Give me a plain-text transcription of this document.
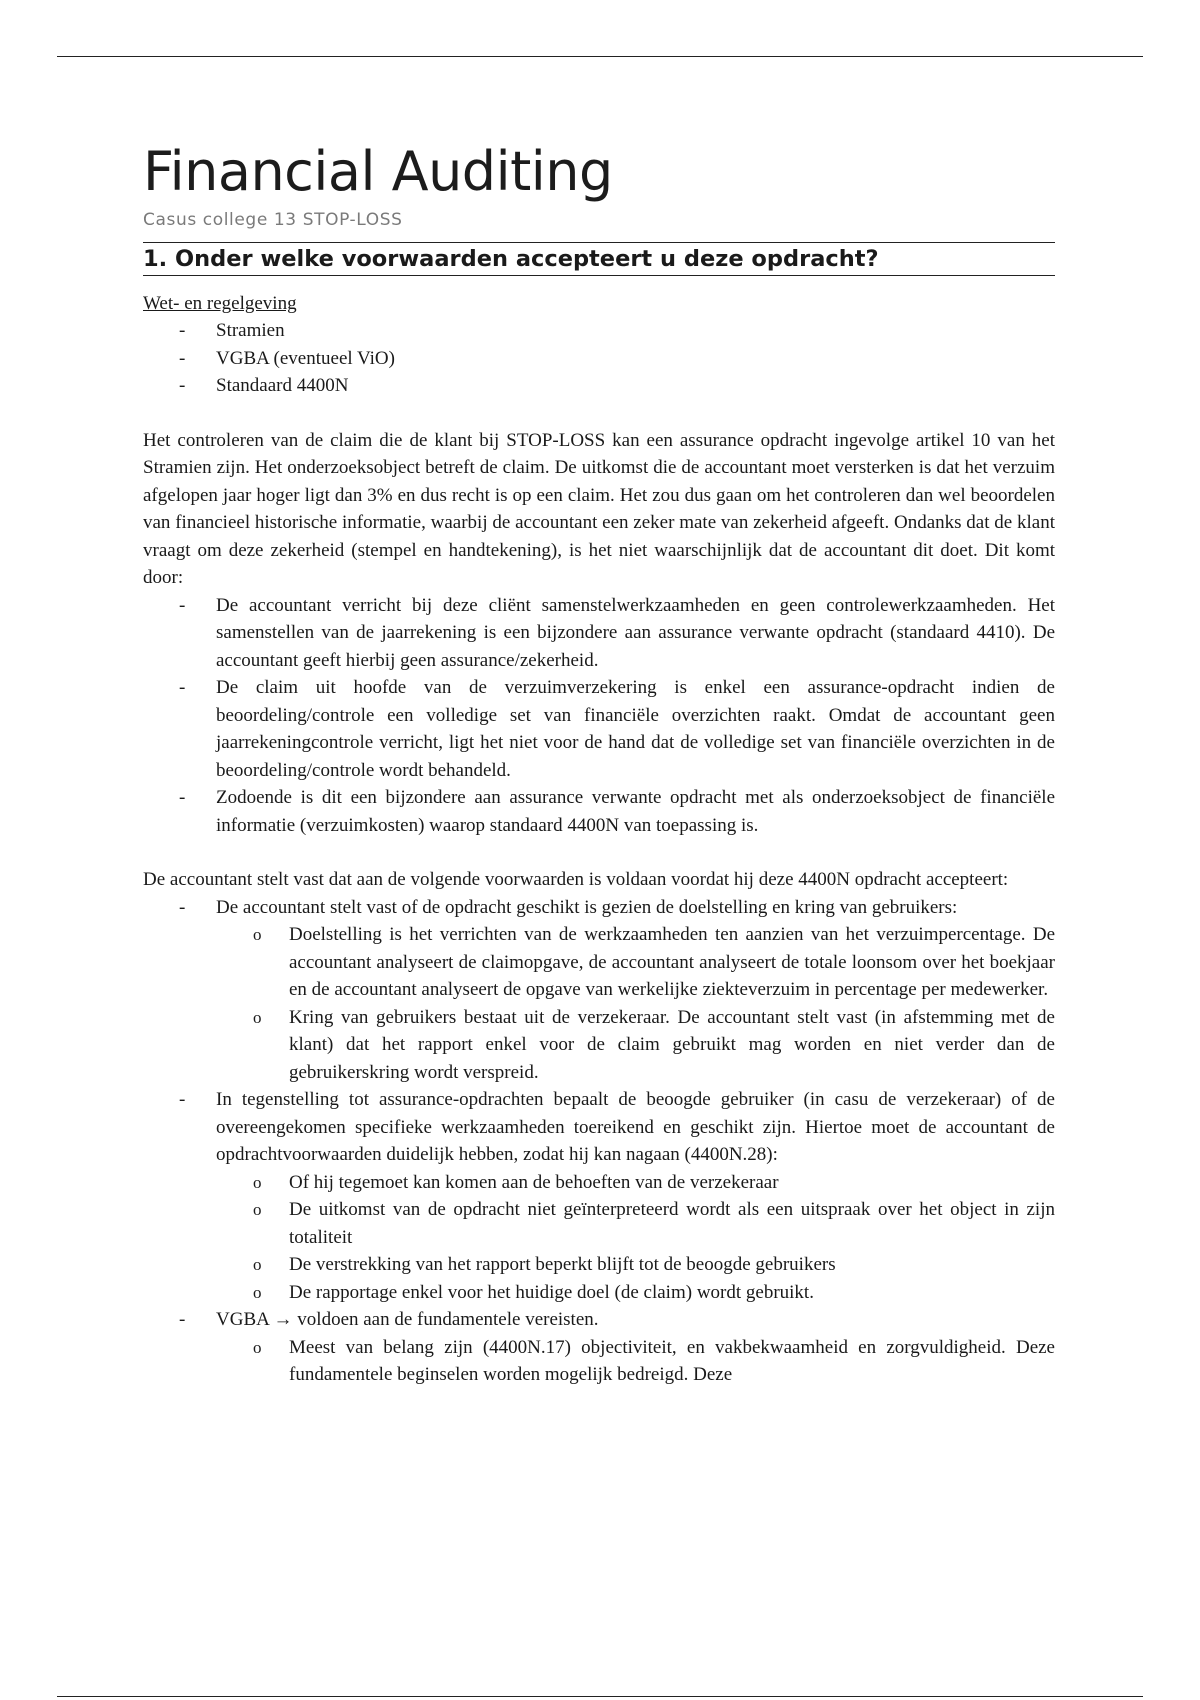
Financial Auditing
Casus college 13 STOP-LOSS
1. Onder welke voorwaarden accepteert u deze opdracht?
Wet- en regelgeving
- Stramien
- VGBA (eventueel ViO)
- Standaard 4400N

Het controleren van de claim die de klant bij STOP-LOSS kan een assurance opdracht ingevolge artikel 10 van het Stramien zijn. Het onderzoeksobject betreft de claim. De uitkomst die de accountant moet versterken is dat het verzuim afgelopen jaar hoger ligt dan 3% en dus recht is op een claim. Het zou dus gaan om het controleren dan wel beoordelen van financieel historische informatie, waarbij de accountant een zeker mate van zekerheid afgeeft. Ondanks dat de klant vraagt om deze zekerheid (stempel en handtekening), is het niet waarschijnlijk dat de accountant dit doet. Dit komt door:

- De accountant verricht bij deze cliënt samenstelwerkzaamheden en geen controlewerkzaamheden. Het samenstellen van de jaarrekening is een bijzondere aan assurance verwante opdracht (standaard 4410). De accountant geeft hierbij geen assurance/zekerheid.
- De claim uit hoofde van de verzuimverzekering is enkel een assurance-opdracht indien de beoordeling/controle een volledige set van financiële overzichten raakt. Omdat de accountant geen jaarrekeningcontrole verricht, ligt het niet voor de hand dat de volledige set van financiële overzichten in de beoordeling/controle wordt behandeld.
- Zodoende is dit een bijzondere aan assurance verwante opdracht met als onderzoeksobject de financiële informatie (verzuimkosten) waarop standaard 4400N van toepassing is.

De accountant stelt vast dat aan de volgende voorwaarden is voldaan voordat hij deze 4400N opdracht accepteert:

- De accountant stelt vast of de opdracht geschikt is gezien de doelstelling en kring van gebruikers:
o Doelstelling is het verrichten van de werkzaamheden ten aanzien van het verzuimpercentage. De accountant analyseert de claimopgave, de accountant analyseert de totale loonsom over het boekjaar en de accountant analyseert de opgave van werkelijke ziekteverzuim in percentage per medewerker.
o Kring van gebruikers bestaat uit de verzekeraar. De accountant stelt vast (in afstemming met de klant) dat het rapport enkel voor de claim gebruikt mag worden en niet verder dan de gebruikerskring wordt verspreid.
- In tegenstelling tot assurance-opdrachten bepaalt de beoogde gebruiker (in casu de verzekeraar) of de overeengekomen specifieke werkzaamheden toereikend en geschikt zijn. Hiertoe moet de accountant de opdrachtvoorwaarden duidelijk hebben, zodat hij kan nagaan (4400N.28):
o Of hij tegemoet kan komen aan de behoeften van de verzekeraar
o De uitkomst van de opdracht niet geïnterpreteerd wordt als een uitspraak over het object in zijn totaliteit
o De verstrekking van het rapport beperkt blijft tot de beoogde gebruikers
o De rapportage enkel voor het huidige doel (de claim) wordt gebruikt.
- VGBA → voldoen aan de fundamentele vereisten.
o Meest van belang zijn (4400N.17) objectiviteit, en vakbekwaamheid en zorgvuldigheid. Deze fundamentele beginselen worden mogelijk bedreigd. Deze
